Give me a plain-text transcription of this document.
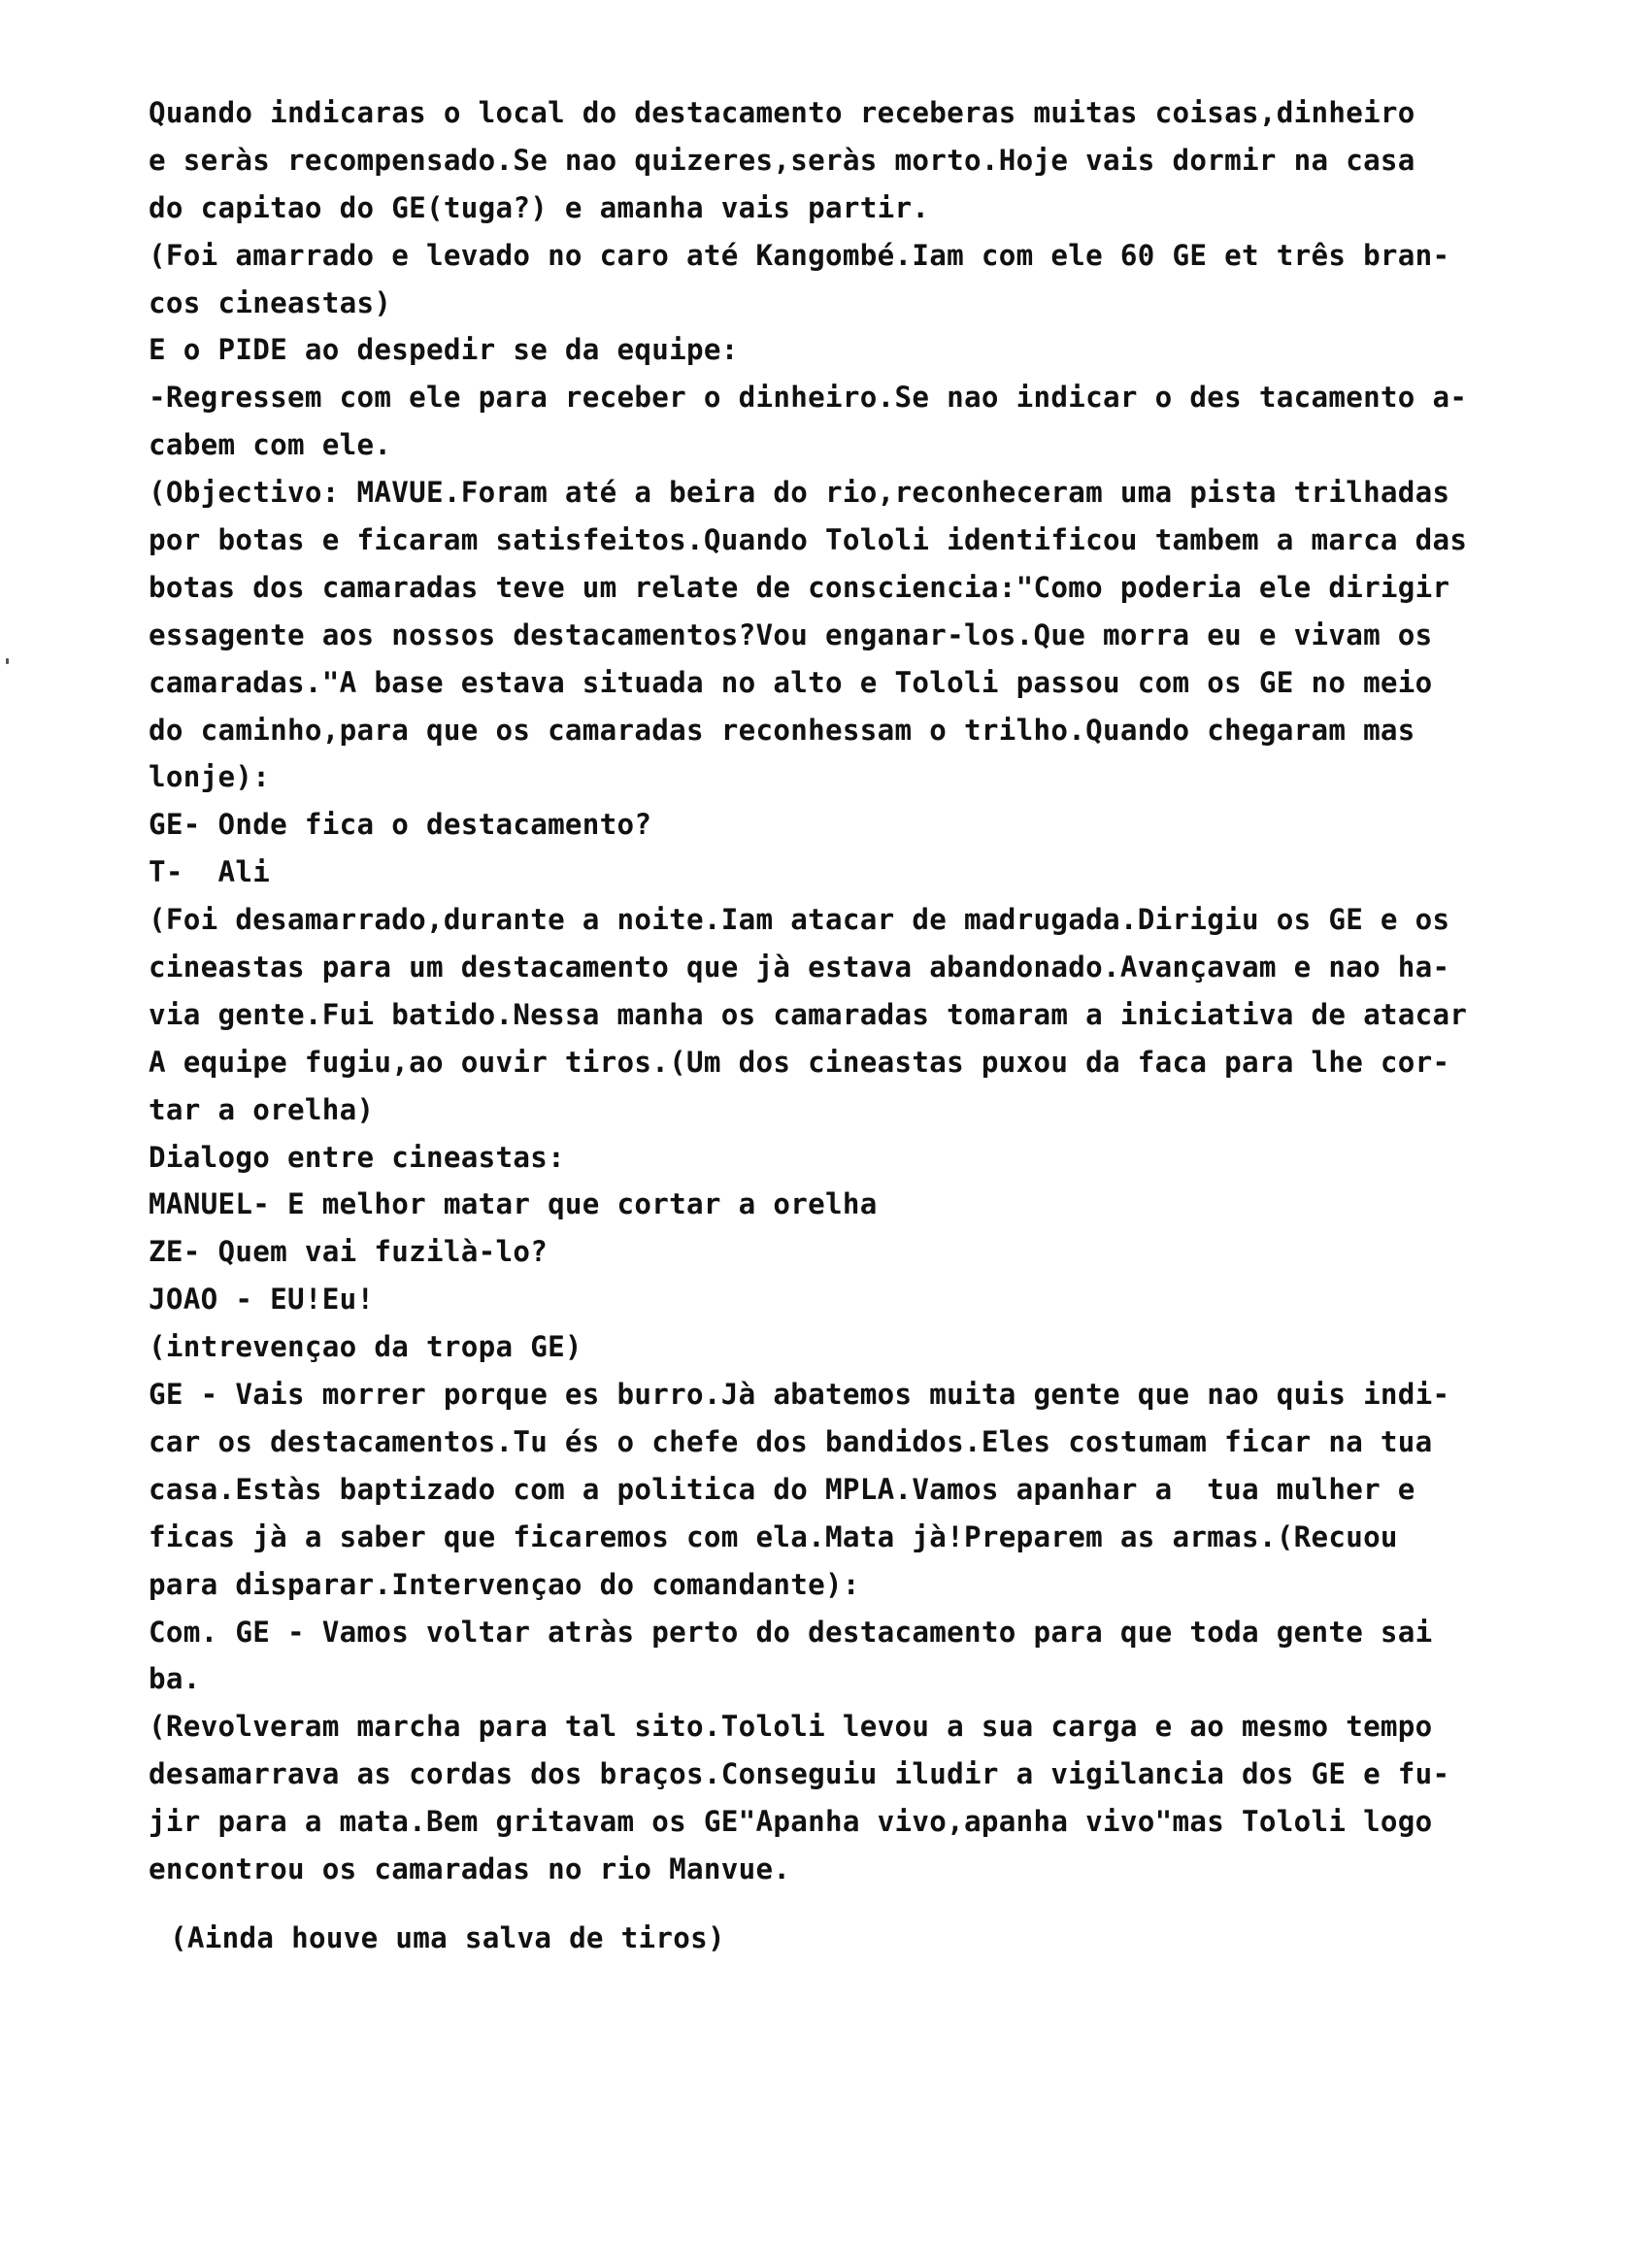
Quando indicaras o local do destacamento receberas muitas coisas,dinheiro
e seràs recompensado.Se nao quizeres,seràs morto.Hoje vais dormir na casa
do capitao do GE(tuga?) e amanha vais partir.
(Foi amarrado e levado no caro até Kangombé.Iam com ele 60 GE et três bran-
cos cineastas)
E o PIDE ao despedir se da equipe:
-Regressem com ele para receber o dinheiro.Se nao indicar o des tacamento a-
cabem com ele.
(Objectivo: MAVUE.Foram até a beira do rio,reconheceram uma pista trilhadas
por botas e ficaram satisfeitos.Quando Tololi identificou tambem a marca das
botas dos camaradas teve um relate de consciencia:"Como poderia ele dirigir
essagente aos nossos destacamentos?Vou enganar-los.Que morra eu e vivam os
camaradas."A base estava situada no alto e Tololi passou com os GE no meio
do caminho,para que os camaradas reconhessam o trilho.Quando chegaram mas
lonje):
GE- Onde fica o destacamento?
T-  Ali
(Foi desamarrado,durante a noite.Iam atacar de madrugada.Dirigiu os GE e os
cineastas para um destacamento que jà estava abandonado.Avançavam e nao ha-
via gente.Fui batido.Nessa manha os camaradas tomaram a iniciativa de atacar
A equipe fugiu,ao ouvir tiros.(Um dos cineastas puxou da faca para lhe cor-
tar a orelha)
Dialogo entre cineastas:
MANUEL- E melhor matar que cortar a orelha
ZE- Quem vai fuzilà-lo?
JOAO - EU!Eu!
(intrevençao da tropa GE)
GE - Vais morrer porque es burro.Jà abatemos muita gente que nao quis indi-
car os destacamentos.Tu és o chefe dos bandidos.Eles costumam ficar na tua
casa.Estàs baptizado com a politica do MPLA.Vamos apanhar a  tua mulher e
ficas jà a saber que ficaremos com ela.Mata jà!Preparem as armas.(Recuou
para disparar.Intervençao do comandante):
Com. GE - Vamos voltar atràs perto do destacamento para que toda gente sai
ba.
(Revolveram marcha para tal sito.Tololi levou a sua carga e ao mesmo tempo
desamarrava as cordas dos braços.Conseguiu iludir a vigilancia dos GE e fu-
jir para a mata.Bem gritavam os GE"Apanha vivo,apanha vivo"mas Tololi logo
encontrou os camaradas no rio Manvue.
(Ainda houve uma salva de tiros)
